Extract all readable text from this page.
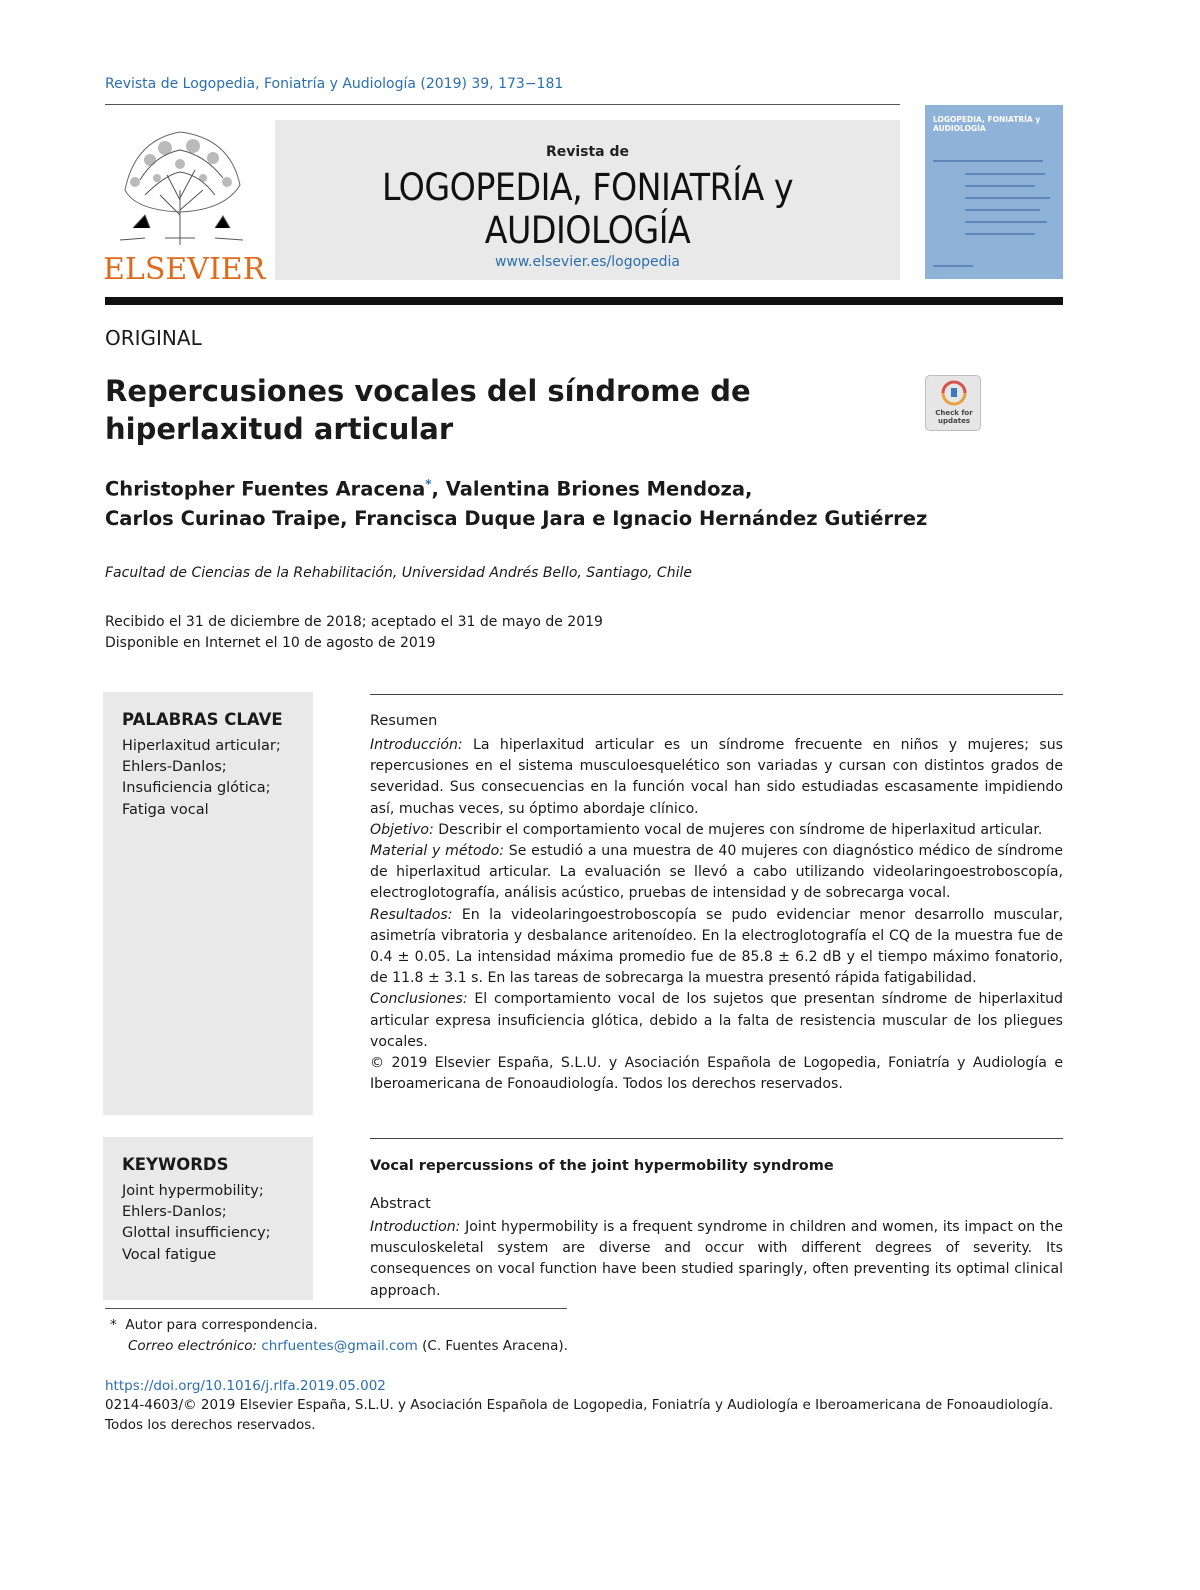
Revista de Logopedia, Foniatría y Audiología (2019) 39, 173−181
ELSEVIER
Revista de
LOGOPEDIA, FONIATRÍA y AUDIOLOGÍA
www.elsevier.es/logopedia
LOGOPEDIA, FONIATRÍA y AUDIOLOGÍA
ORIGINAL
Repercusiones vocales del síndrome de hiperlaxitud articular	Check for updates
Christopher Fuentes Aracena*, Valentina Briones Mendoza,
Carlos Curinao Traipe, Francisca Duque Jara e Ignacio Hernández Gutiérrez
Facultad de Ciencias de la Rehabilitación, Universidad Andrés Bello, Santiago, Chile
Recibido el 31 de diciembre de 2018; aceptado el 31 de mayo de 2019
Disponible en Internet el 10 de agosto de 2019
PALABRAS CLAVE
Hiperlaxitud articular;
Ehlers-Danlos;
Insuficiencia glótica;
Fatiga vocal
Resumen

Introducción: La hiperlaxitud articular es un síndrome frecuente en niños y mujeres; sus repercusiones en el sistema musculoesquelético son variadas y cursan con distintos grados de severidad. Sus consecuencias en la función vocal han sido estudiadas escasamente impidiendo así, muchas veces, su óptimo abordaje clínico.

Objetivo: Describir el comportamiento vocal de mujeres con síndrome de hiperlaxitud articular.

Material y método: Se estudió a una muestra de 40 mujeres con diagnóstico médico de síndrome de hiperlaxitud articular. La evaluación se llevó a cabo utilizando videolaringoestroboscopía, electroglotografía, análisis acústico, pruebas de intensidad y de sobrecarga vocal.

Resultados: En la videolaringoestroboscopía se pudo evidenciar menor desarrollo muscular, asimetría vibratoria y desbalance aritenoídeo. En la electroglotografía el CQ de la muestra fue de 0.4 ± 0.05. La intensidad máxima promedio fue de 85.8 ± 6.2 dB y el tiempo máximo fonatorio, de 11.8 ± 3.1 s. En las tareas de sobrecarga la muestra presentó rápida fatigabilidad.

Conclusiones: El comportamiento vocal de los sujetos que presentan síndrome de hiperlaxitud articular expresa insuficiencia glótica, debido a la falta de resistencia muscular de los pliegues vocales.

© 2019 Elsevier España, S.L.U. y Asociación Española de Logopedia, Foniatría y Audiología e Iberoamericana de Fonoaudiología. Todos los derechos reservados.

KEYWORDS
Joint hypermobility;
Ehlers-Danlos;
Glottal insufficiency;
Vocal fatigue
Vocal repercussions of the joint hypermobility syndrome
Abstract

Introduction: Joint hypermobility is a frequent syndrome in children and women, its impact on the musculoskeletal system are diverse and occur with different degrees of severity. Its consequences on vocal function have been studied sparingly, often preventing its optimal clinical approach.

* Autor para correspondencia.
Correo electrónico: chrfuentes@gmail.com (C. Fuentes Aracena).
https://doi.org/10.1016/j.rlfa.2019.05.002
0214-4603/© 2019 Elsevier España, S.L.U. y Asociación Española de Logopedia, Foniatría y Audiología e Iberoamericana de Fonoaudiología.
Todos los derechos reservados.
